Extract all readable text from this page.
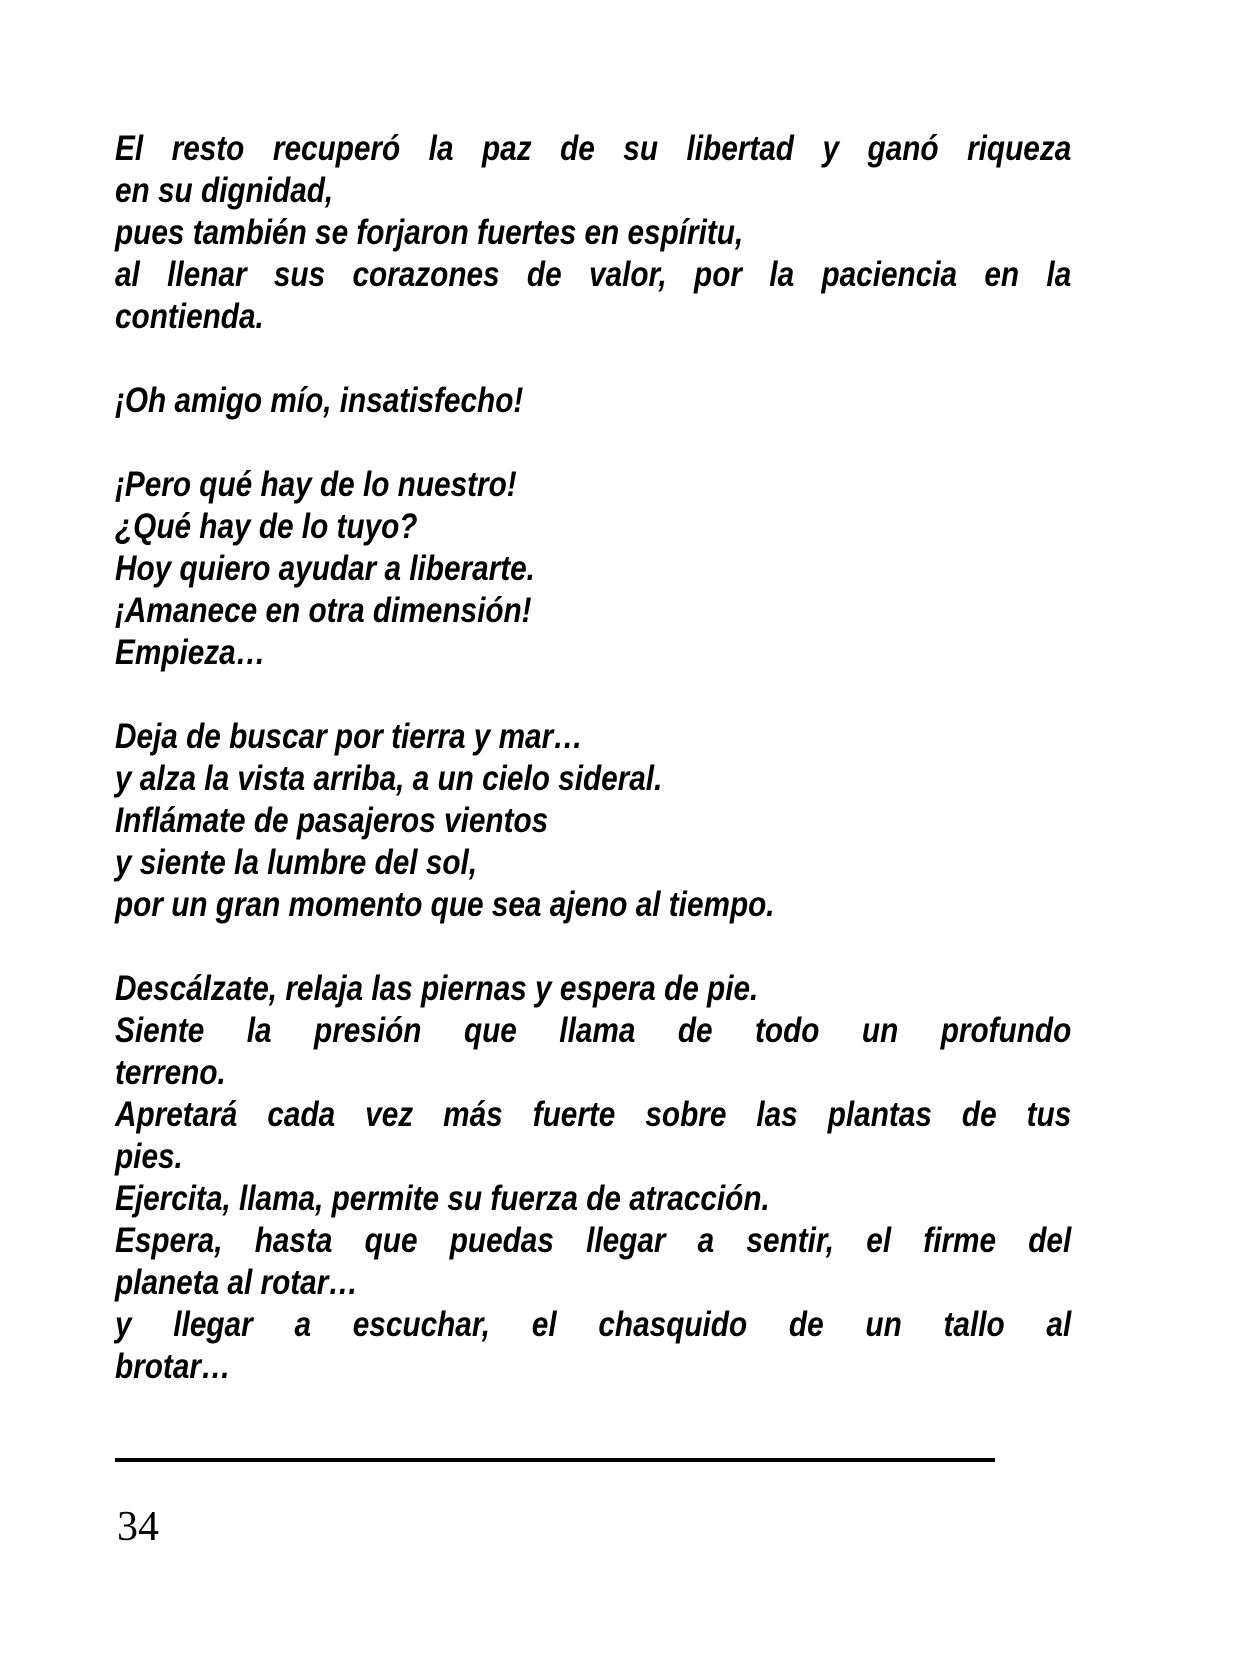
El resto recuperó la paz de su libertad y ganó riqueza
en su dignidad,
pues también se forjaron fuertes en espíritu,
al llenar sus corazones de valor, por la paciencia en la
contienda.
¡Oh amigo mío, insatisfecho!
¡Pero qué hay de lo nuestro!
¿Qué hay de lo tuyo?
Hoy quiero ayudar a liberarte.
¡Amanece en otra dimensión!
Empieza…
Deja de buscar por tierra y mar…
y alza la vista arriba, a un cielo sideral.
Inflámate de pasajeros vientos
y siente la lumbre del sol,
por un gran momento que sea ajeno al tiempo.
Descálzate, relaja las piernas y espera de pie.
Siente la presión que llama de todo un profundo
terreno.
Apretará cada vez más fuerte sobre las plantas de tus
pies.
Ejercita, llama, permite su fuerza de atracción.
Espera, hasta que puedas llegar a sentir, el firme del
planeta al rotar…
y llegar a escuchar, el chasquido de un tallo al
brotar…
34
